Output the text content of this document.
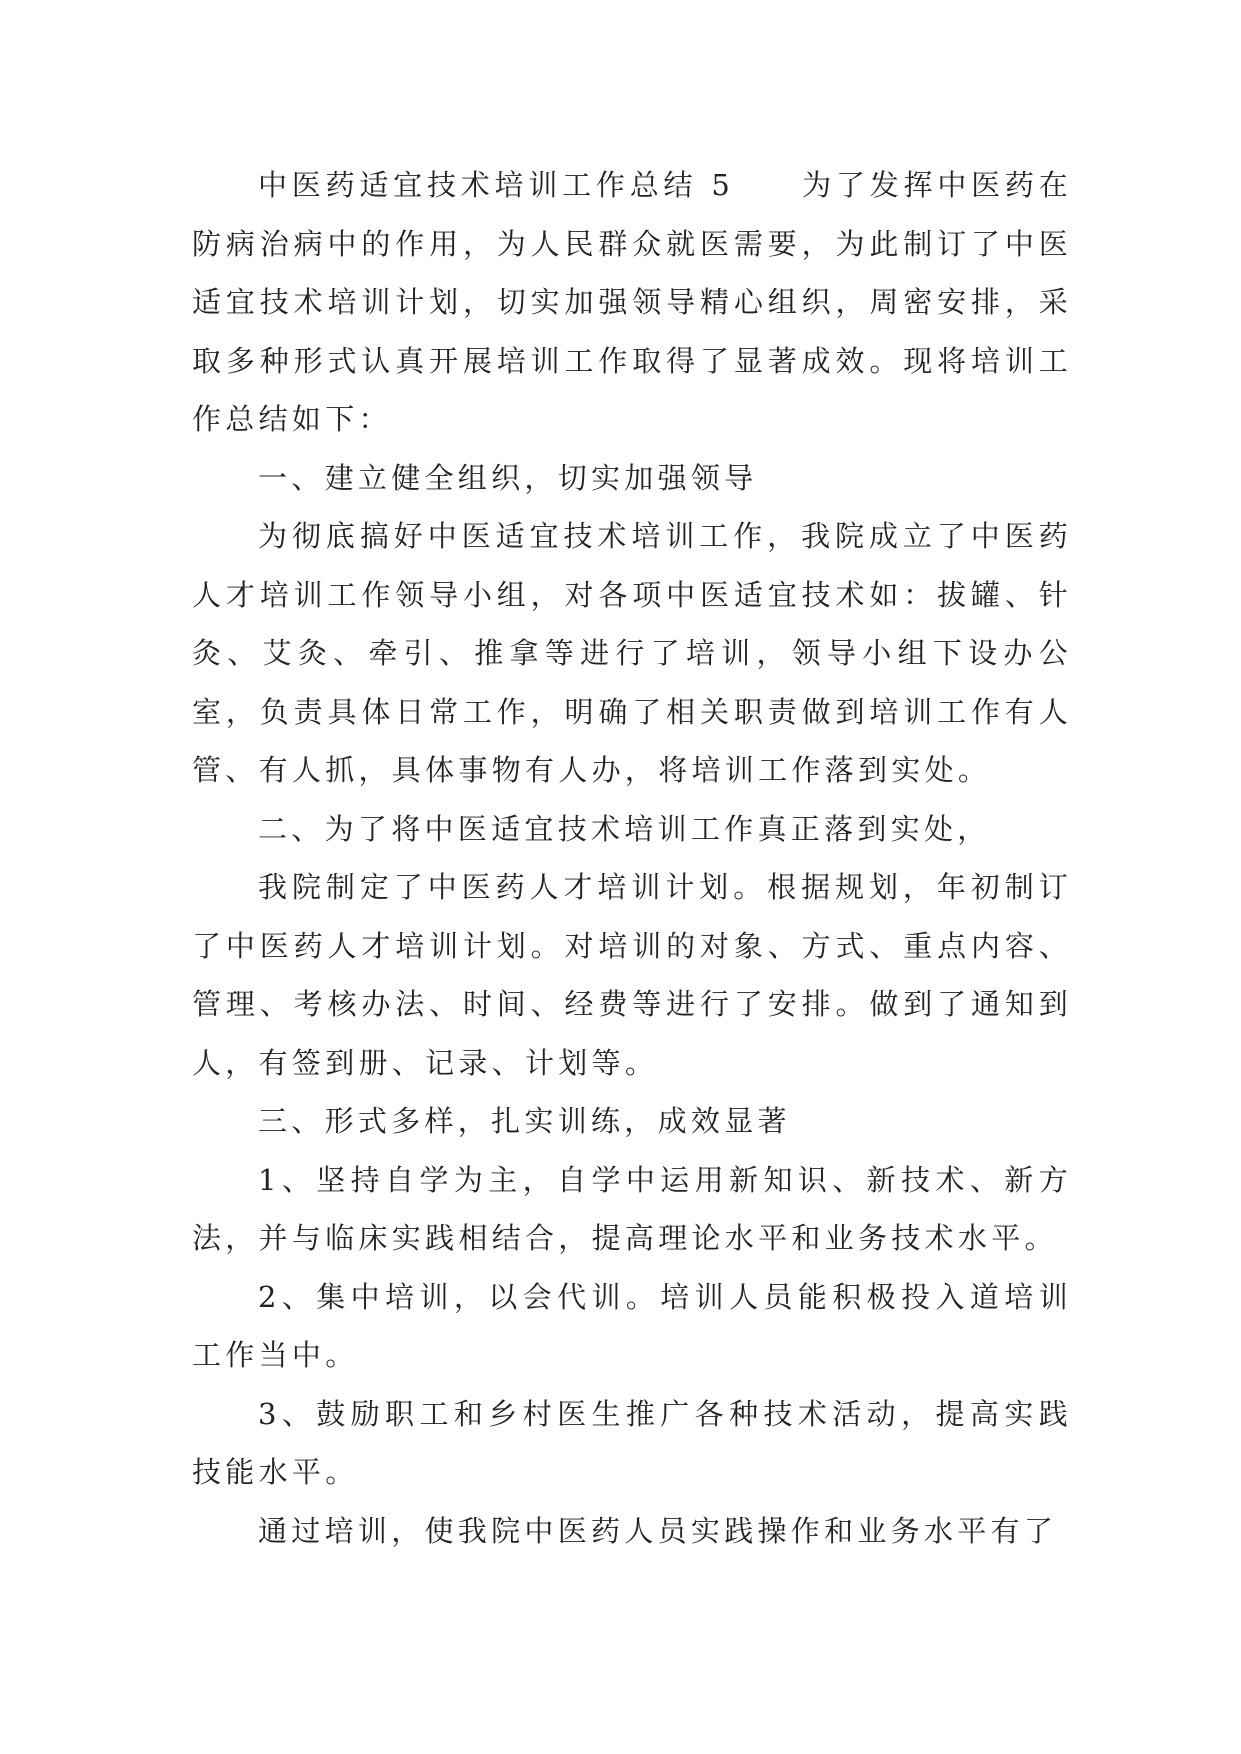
中医药适宜技术培训工作总结 5　　为了发挥中医药在防病治病中的作用，为人民群众就医需要，为此制订了中医适宜技术培训计划，切实加强领导精心组织，周密安排，采取多种形式认真开展培训工作取得了显著成效。现将培训工作总结如下：

一、建立健全组织，切实加强领导

为彻底搞好中医适宜技术培训工作，我院成立了中医药人才培训工作领导小组，对各项中医适宜技术如：拔罐、针灸、艾灸、牵引、推拿等进行了培训，领导小组下设办公室，负责具体日常工作，明确了相关职责做到培训工作有人管、有人抓，具体事物有人办，将培训工作落到实处。

二、为了将中医适宜技术培训工作真正落到实处，

我院制定了中医药人才培训计划。根据规划，年初制订了中医药人才培训计划。对培训的对象、方式、重点内容、管理、考核办法、时间、经费等进行了安排。做到了通知到人，有签到册、记录、计划等。

三、形式多样，扎实训练，成效显著

1、坚持自学为主，自学中运用新知识、新技术、新方法，并与临床实践相结合，提高理论水平和业务技术水平。

2、集中培训，以会代训。培训人员能积极投入道培训工作当中。

3、鼓励职工和乡村医生推广各种技术活动，提高实践技能水平。

通过培训，使我院中医药人员实践操作和业务水平有了
